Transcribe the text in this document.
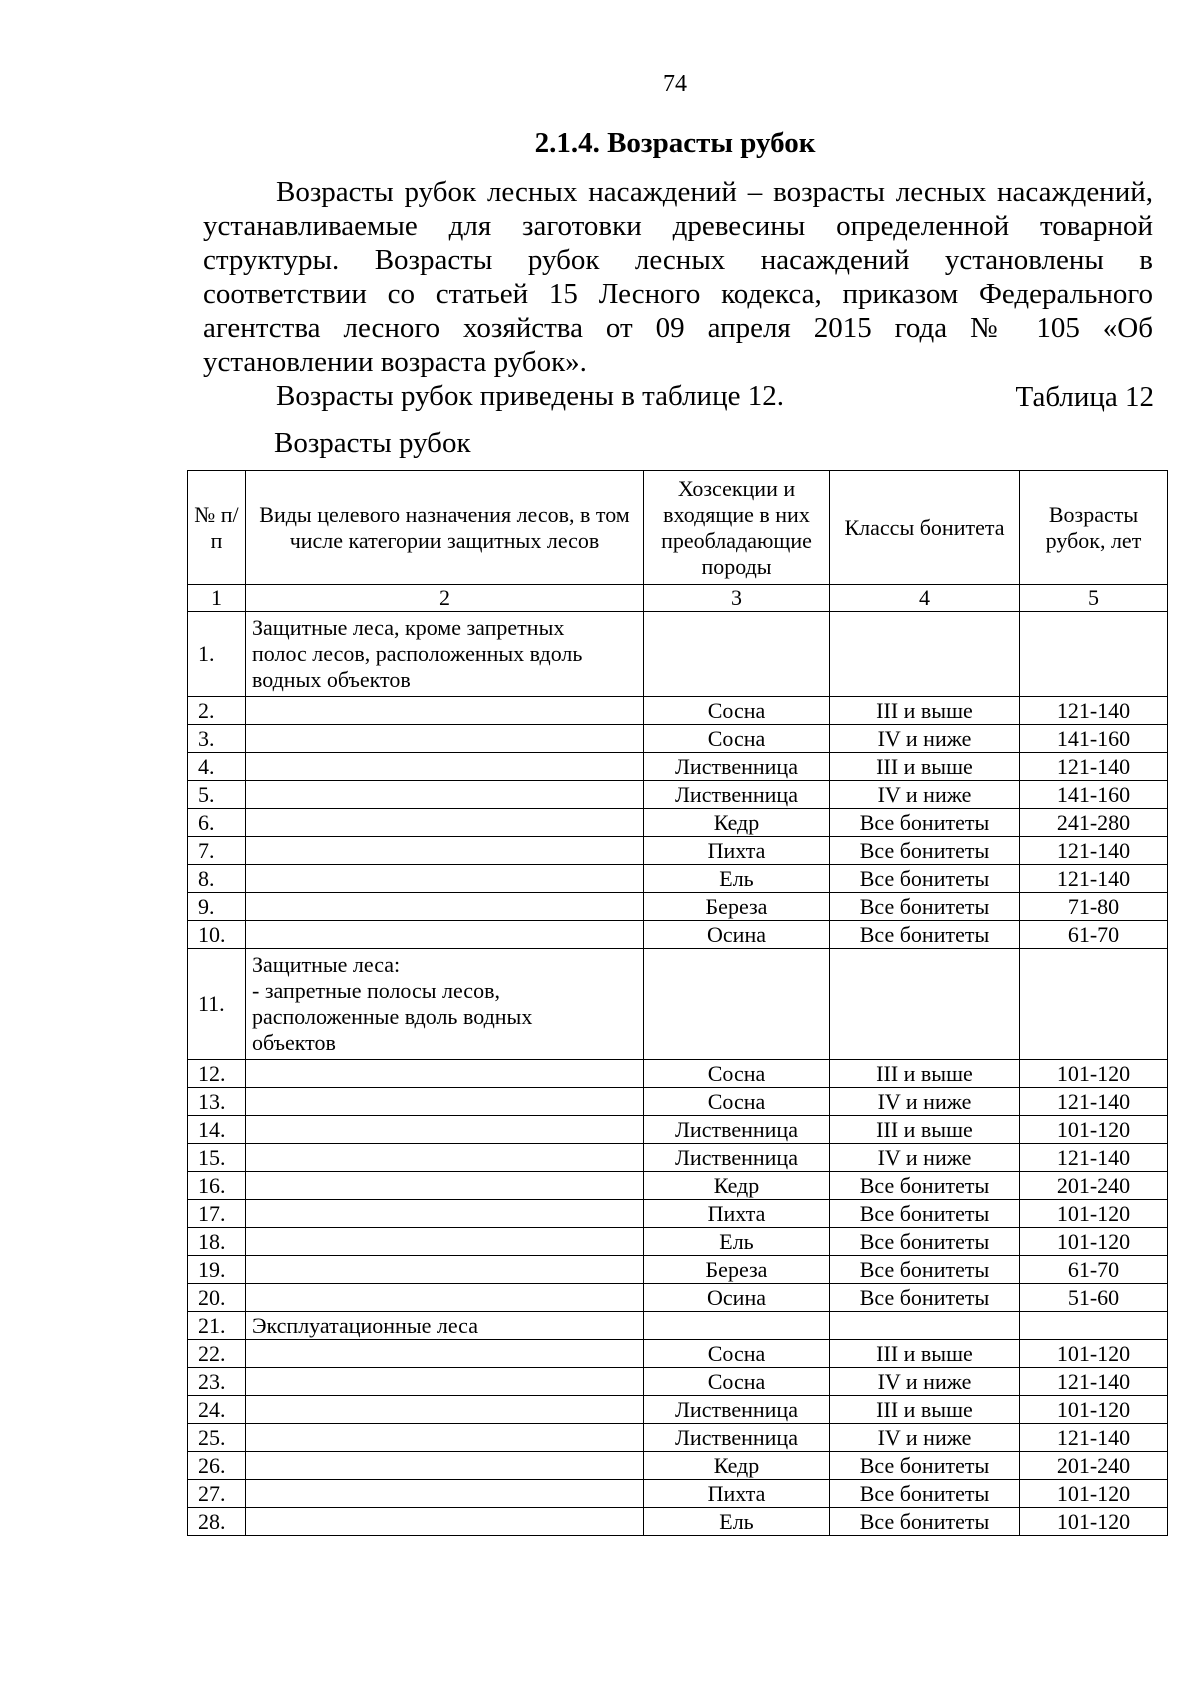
74
2.1.4. Возрасты рубок

Возрасты рубок лесных насаждений – возрасты лесных насаждений, устанавливаемые для заготовки древесины определенной товарной структуры. Возрасты рубок лесных насаждений установлены в соответствии со статьей 15 Лесного кодекса, приказом Федерального агентства лесного хозяйства от 09 апреля 2015 года № 105 «Об установлении возраста рубок».

Возрасты рубок приведены в таблице 12.	Таблица 12
Возрасты рубок
№ п/п	Виды целевого назначения лесов, в том числе категории защитных лесов	Хозсекции и входящие в них преобладающие породы	Классы бонитета	Возрасты рубок, лет
1	2	3	4	5
1.	Защитные леса, кроме запретных
полос лесов, расположенных вдоль
водных объектов			
2.		Сосна	III и выше	121-140
3.		Сосна	IV и ниже	141-160
4.		Лиственница	III и выше	121-140
5.		Лиственница	IV и ниже	141-160
6.		Кедр	Все бонитеты	241-280
7.		Пихта	Все бонитеты	121-140
8.		Ель	Все бонитеты	121-140
9.		Береза	Все бонитеты	71-80
10.		Осина	Все бонитеты	61-70
11.	Защитные леса:
- запретные полосы лесов,
расположенные вдоль водных
объектов			
12.		Сосна	III и выше	101-120
13.		Сосна	IV и ниже	121-140
14.		Лиственница	III и выше	101-120
15.		Лиственница	IV и ниже	121-140
16.		Кедр	Все бонитеты	201-240
17.		Пихта	Все бонитеты	101-120
18.		Ель	Все бонитеты	101-120
19.		Береза	Все бонитеты	61-70
20.		Осина	Все бонитеты	51-60
21.	Эксплуатационные леса			
22.		Сосна	III и выше	101-120
23.		Сосна	IV и ниже	121-140
24.		Лиственница	III и выше	101-120
25.		Лиственница	IV и ниже	121-140
26.		Кедр	Все бонитеты	201-240
27.		Пихта	Все бонитеты	101-120
28.		Ель	Все бонитеты	101-120
